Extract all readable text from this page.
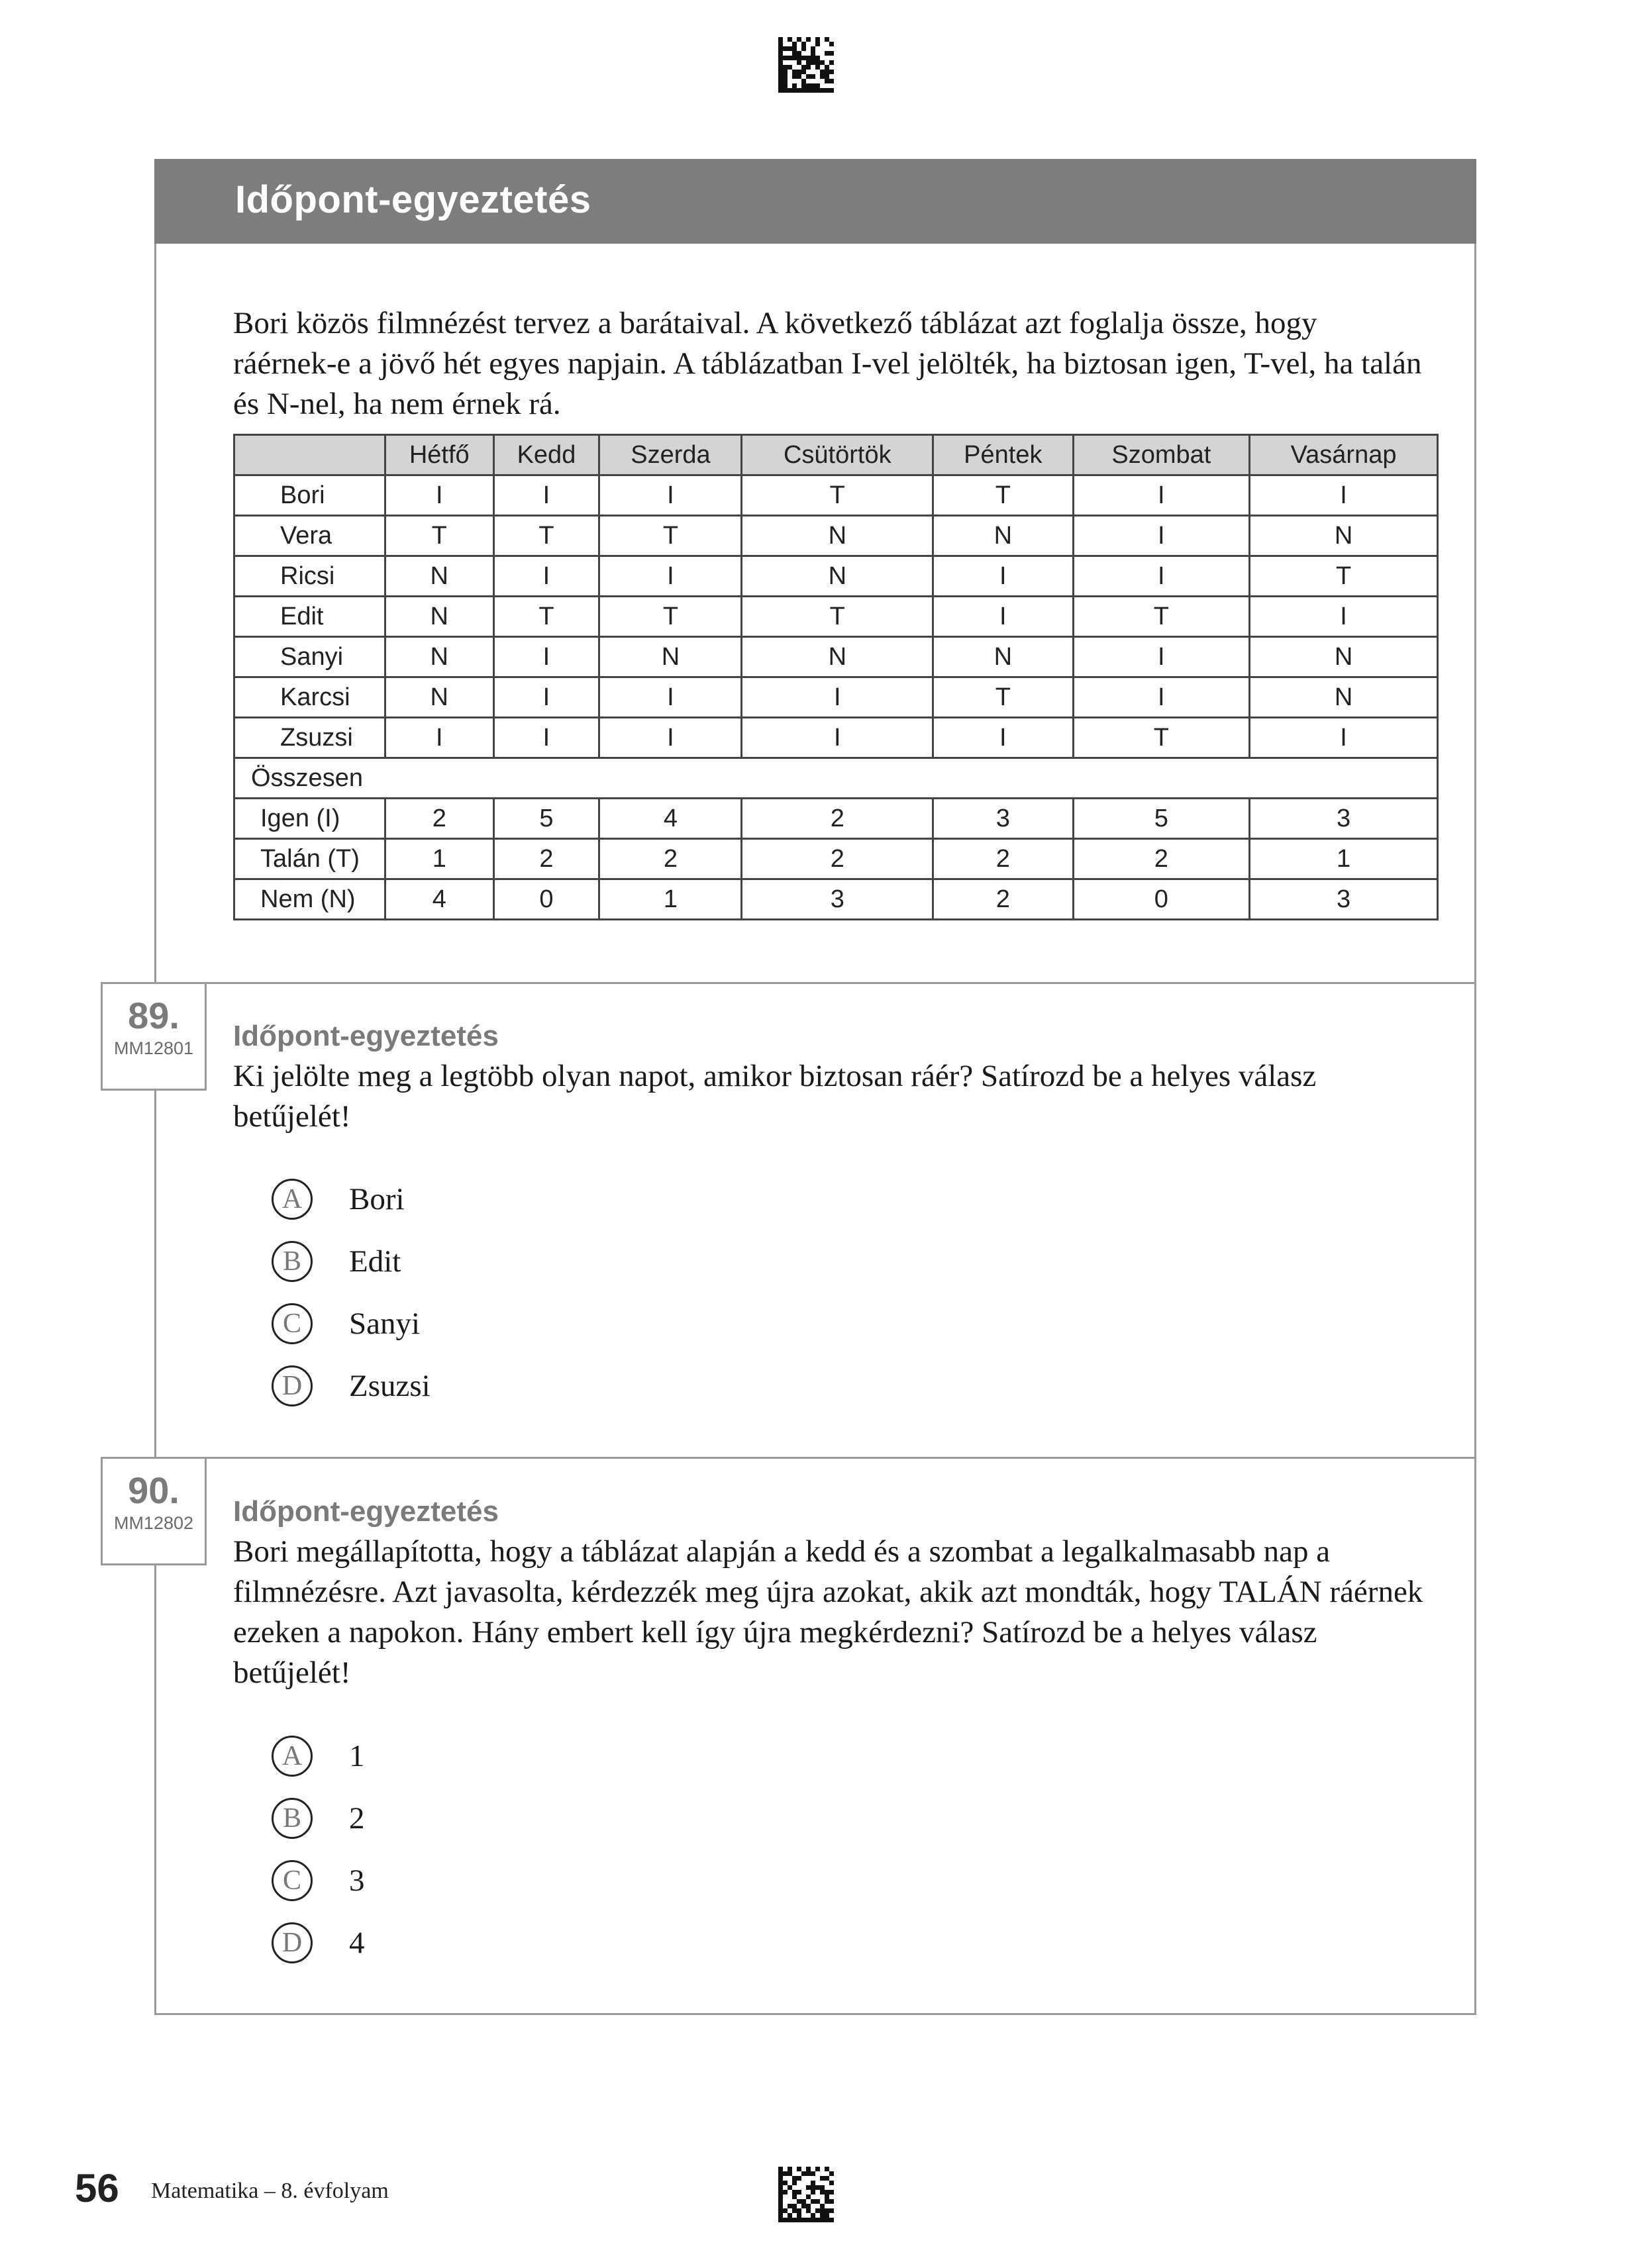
Időpont-egyeztetés
Bori közös filmnézést tervez a barátaival. A következő táblázat azt foglalja össze, hogy ráérnek-e a jövő hét egyes napjain. A táblázatban I-vel jelölték, ha biztosan igen, T-vel, ha talán és N-nel, ha nem érnek rá.
	Hétfő	Kedd	Szerda	Csütörtök	Péntek	Szombat	Vasárnap
Bori	I	I	I	T	T	I	I
Vera	T	T	T	N	N	I	N
Ricsi	N	I	I	N	I	I	T
Edit	N	T	T	T	I	T	I
Sanyi	N	I	N	N	N	I	N
Karcsi	N	I	I	I	T	I	N
Zsuzsi	I	I	I	I	I	T	I
Összesen							
Igen (I)	2	5	4	2	3	5	3
Talán (T)	1	2	2	2	2	2	1
Nem (N)	4	0	1	3	2	0	3
89.
MM12801	Időpont-egyeztetés
Ki jelölte meg a legtöbb olyan napot, amikor biztosan ráér? Satírozd be a helyes válasz betűjelét!
A	Bori
B	Edit
C	Sanyi
D	Zsuzsi
90.
MM12802	Időpont-egyeztetés
Bori megállapította, hogy a táblázat alapján a kedd és a szombat a legalkalmasabb nap a filmnézésre. Azt javasolta, kérdezzék meg újra azokat, akik azt mondták, hogy TALÁN ráérnek ezeken a napokon. Hány embert kell így újra megkérdezni? Satírozd be a helyes válasz betűjelét!
A	1
B	2
C	3
D	4
56 Matematika – 8. évfolyam
